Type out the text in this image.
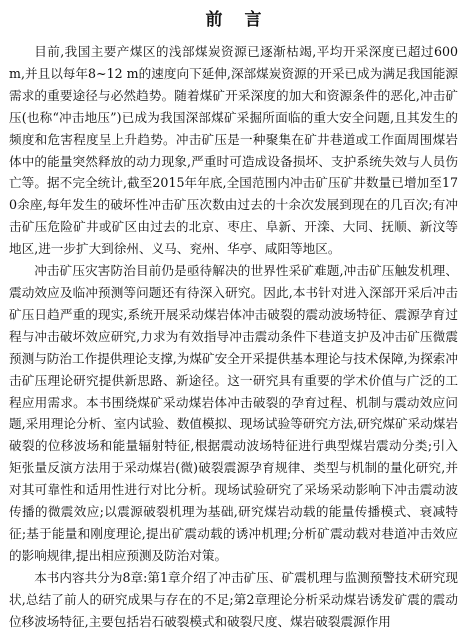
前言

目前,我国主要产煤区的浅部煤炭资源已逐渐枯竭,平均开采深度已超过600 m,并且以每年8~12 m的速度向下延伸,深部煤炭资源的开采已成为满足我国能源需求的重要途径与必然趋势。随着煤矿开采深度的加大和资源条件的恶化,冲击矿压(也称“冲击地压”)已成为我国深部煤矿采掘所面临的重大安全问题,且其发生的频度和危害程度呈上升趋势。冲击矿压是一种聚集在矿井巷道或工作面周围煤岩体中的能量突然释放的动力现象,严重时可造成设备损坏、支护系统失效与人员伤亡等。据不完全统计,截至2015年年底,全国范围内冲击矿压矿井数量已增加至170余座,每年发生的破坏性冲击矿压次数由过去的十余次发展到现在的几百次;有冲击矿压危险矿井或矿区由过去的北京、枣庄、阜新、开滦、大同、抚顺、新汶等地区,进一步扩大到徐州、义马、兖州、华亭、咸阳等地区。

冲击矿压灾害防治目前仍是亟待解决的世界性采矿难题,冲击矿压触发机理、震动效应及临冲预测等问题还有待深入研究。因此,本书针对进入深部开采后冲击矿压日趋严重的现实,系统开展采动煤岩体冲击破裂的震动波场特征、震源孕育过程与冲击破坏效应研究,力求为有效指导冲击震动条件下巷道支护及冲击矿压微震预测与防治工作提供理论支撑,为煤矿安全开采提供基本理论与技术保障,为探索冲击矿压理论研究提供新思路、新途径。这一研究具有重要的学术价值与广泛的工程应用需求。本书围绕煤矿采动煤岩体冲击破裂的孕育过程、机制与震动效应问题,采用理论分析、室内试验、数值模拟、现场试验等研究方法,研究煤矿采动煤岩破裂的位移波场和能量辐射特征,根据震动波场特征进行典型煤岩震动分类;引入矩张量反演方法用于采动煤岩(微)破裂震源孕育规律、类型与机制的量化研究,并对其可靠性和适用性进行对比分析。现场试验研究了采场采动影响下冲击震动波传播的微震效应;以震源破裂机理为基础,研究煤岩动载的能量传播模式、衰减特征;基于能量和刚度理论,提出矿震动载的诱冲机理;分析矿震动载对巷道冲击效应的影响规律,提出相应预测及防治对策。

本书内容共分为8章:第1章介绍了冲击矿压、矿震机理与监测预警技术研究现状,总结了前人的研究成果与存在的不足;第2章理论分析采动煤岩诱发矿震的震动位移波场特征,主要包括岩石破裂模式和破裂尺度、煤岩破裂震源作用
